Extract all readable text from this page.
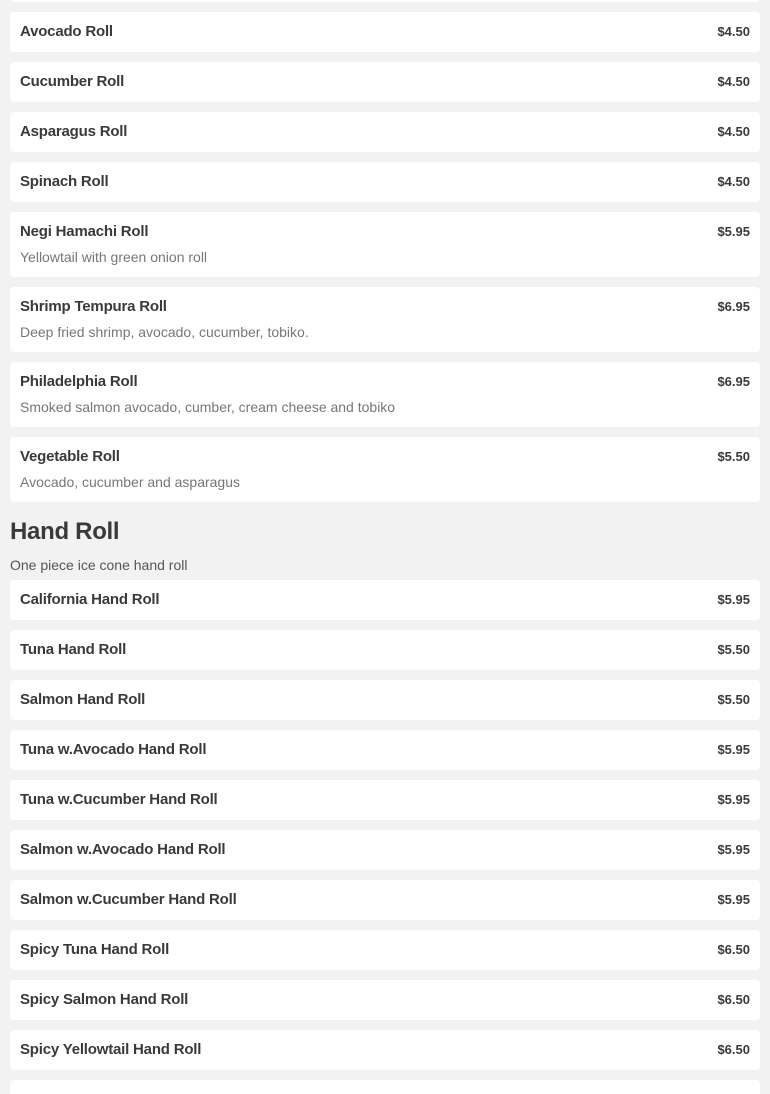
Avocado Roll	$4.50
Cucumber Roll	$4.50
Asparagus Roll	$4.50
Spinach Roll	$4.50
Negi Hamachi Roll	$5.95
Yellowtail with green onion roll
Shrimp Tempura Roll	$6.95
Deep fried shrimp, avocado, cucumber, tobiko.
Philadelphia Roll	$6.95
Smoked salmon avocado, cumber, cream cheese and tobiko
Vegetable Roll	$5.50
Avocado, cucumber and asparagus
Hand Roll
One piece ice cone hand roll
California Hand Roll	$5.95
Tuna Hand Roll	$5.50
Salmon Hand Roll	$5.50
Tuna w.Avocado Hand Roll	$5.95
Tuna w.Cucumber Hand Roll	$5.95
Salmon w.Avocado Hand Roll	$5.95
Salmon w.Cucumber Hand Roll	$5.95
Spicy Tuna Hand Roll	$6.50
Spicy Salmon Hand Roll	$6.50
Spicy Yellowtail Hand Roll	$6.50
